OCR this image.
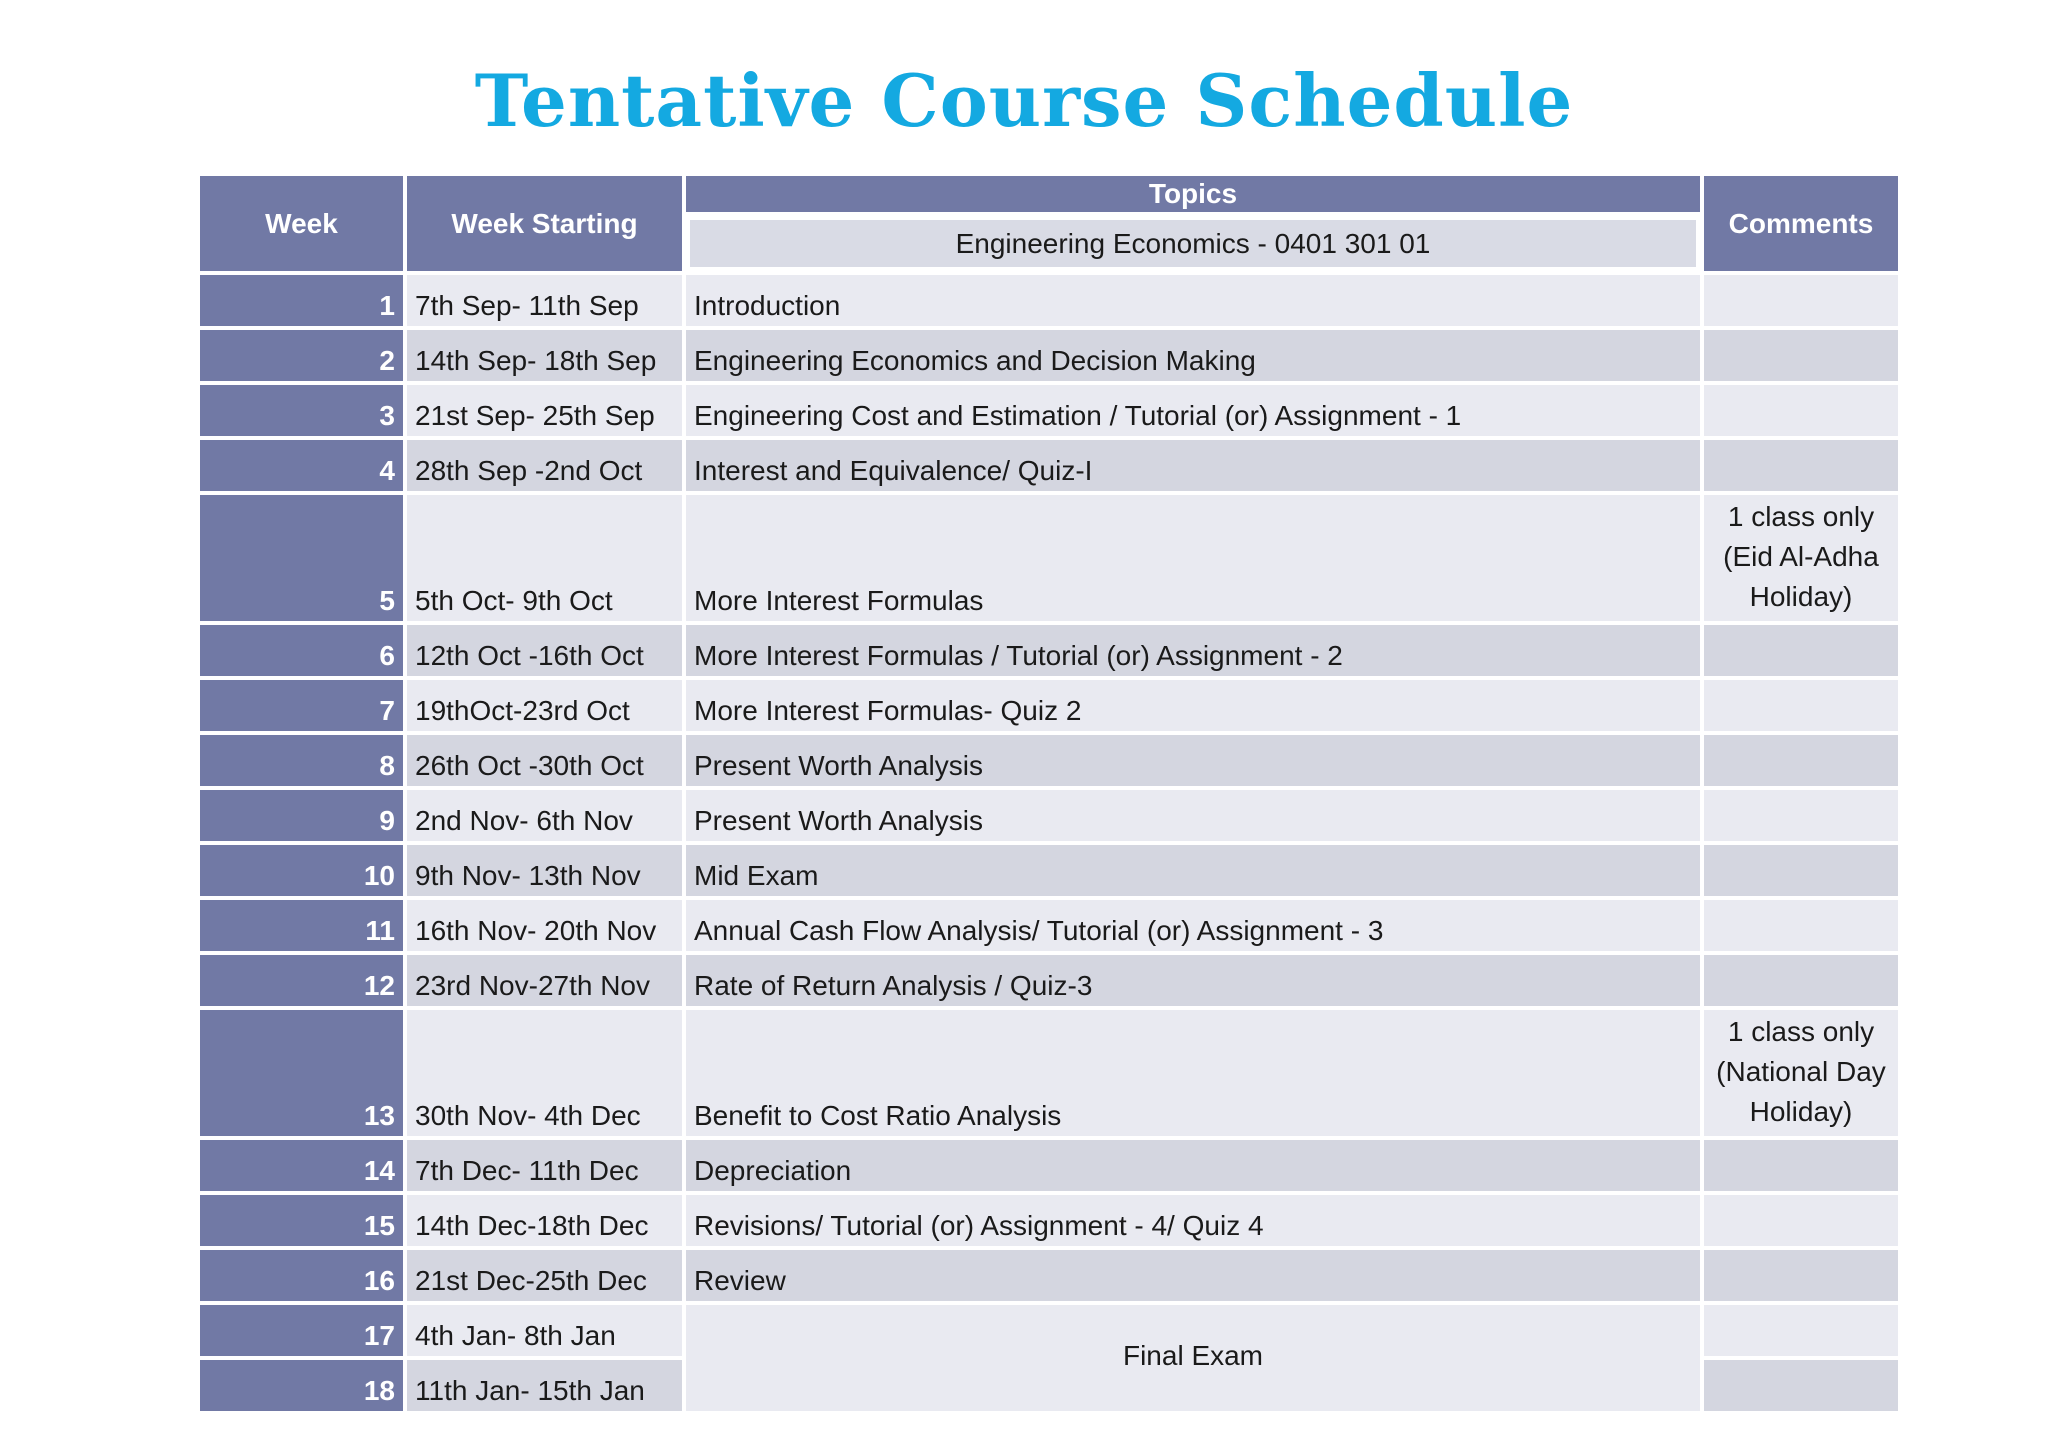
Tentative Course Schedule
Week	Week Starting	Topics	Comments
		Engineering Economics - 0401 301 01	
1	7th Sep- 11th Sep	Introduction	
2	14th Sep- 18th Sep	Engineering Economics and Decision Making	
3	21st Sep- 25th Sep	Engineering Cost and Estimation / Tutorial (or) Assignment - 1	
4	28th Sep -2nd Oct	Interest and Equivalence/ Quiz-I	
5	5th Oct- 9th Oct	More Interest Formulas	1 class only (Eid Al-Adha Holiday)
6	12th Oct -16th Oct	More Interest Formulas / Tutorial (or) Assignment - 2	
7	19thOct-23rd Oct	More Interest Formulas- Quiz 2	
8	26th Oct -30th Oct	Present Worth Analysis	
9	2nd Nov- 6th Nov	Present Worth Analysis	
10	9th Nov- 13th Nov	Mid Exam	
11	16th Nov- 20th Nov	Annual Cash Flow Analysis/ Tutorial (or) Assignment - 3	
12	23rd Nov-27th Nov	Rate of Return Analysis / Quiz-3	
13	30th Nov- 4th Dec	Benefit to Cost Ratio Analysis	1 class only (National Day Holiday)
14	7th Dec- 11th Dec	Depreciation	
15	14th Dec-18th Dec	Revisions/ Tutorial (or) Assignment - 4/ Quiz 4	
16	21st Dec-25th Dec	Review	
17	4th Jan- 8th Jan	Final Exam	
18	11th Jan- 15th Jan		
